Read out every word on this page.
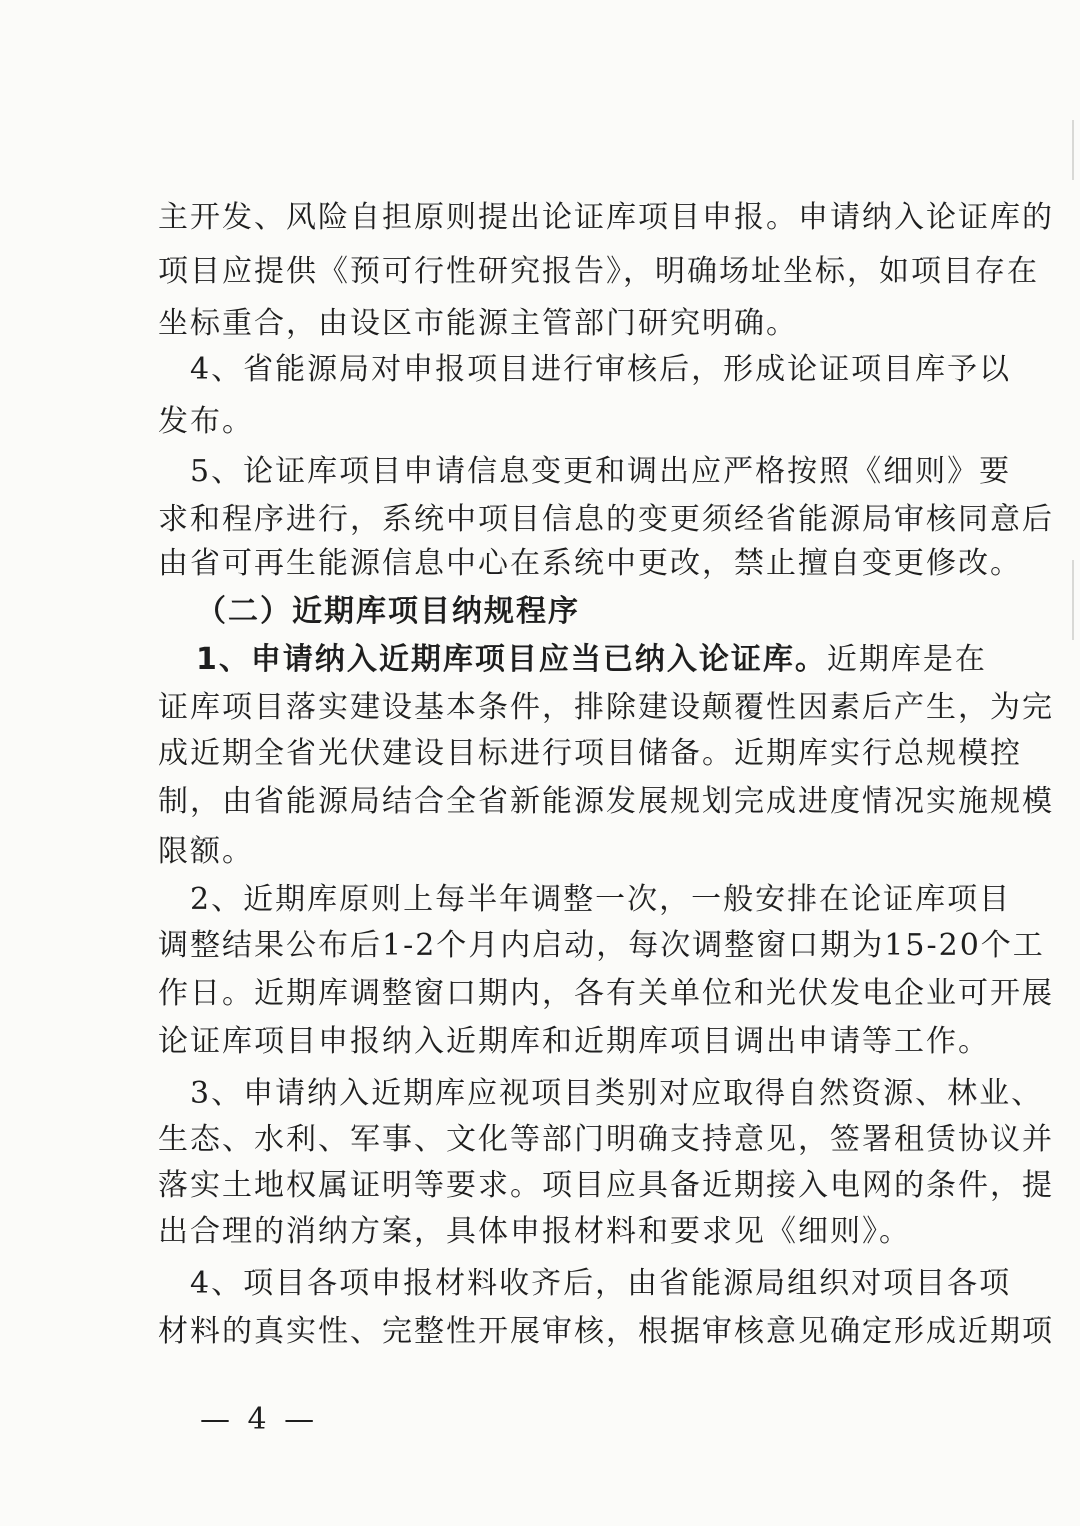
主开发、风险自担原则提出论证库项目申报。申请纳入论证库的
项目应提供《预可行性研究报告》，明确场址坐标，如项目存在
坐标重合，由设区市能源主管部门研究明确。
　4、省能源局对申报项目进行审核后，形成论证项目库予以
发布。
　5、论证库项目申请信息变更和调出应严格按照《细则》要
求和程序进行，系统中项目信息的变更须经省能源局审核同意后
由省可再生能源信息中心在系统中更改，禁止擅自变更修改。
（二）近期库项目纳规程序
1、申请纳入近期库项目应当已纳入论证库。近期库是在
证库项目落实建设基本条件，排除建设颠覆性因素后产生，为完
成近期全省光伏建设目标进行项目储备。近期库实行总规模控
制，由省能源局结合全省新能源发展规划完成进度情况实施规模
限额。
　2、近期库原则上每半年调整一次，一般安排在论证库项目
调整结果公布后1-2个月内启动，每次调整窗口期为15-20个工
作日。近期库调整窗口期内，各有关单位和光伏发电企业可开展
论证库项目申报纳入近期库和近期库项目调出申请等工作。
　3、申请纳入近期库应视项目类别对应取得自然资源、林业、
生态、水利、军事、文化等部门明确支持意见，签署租赁协议并
落实土地权属证明等要求。项目应具备近期接入电网的条件，提
出合理的消纳方案，具体申报材料和要求见《细则》。
　4、项目各项申报材料收齐后，由省能源局组织对项目各项
材料的真实性、完整性开展审核，根据审核意见确定形成近期项
— 4 —
